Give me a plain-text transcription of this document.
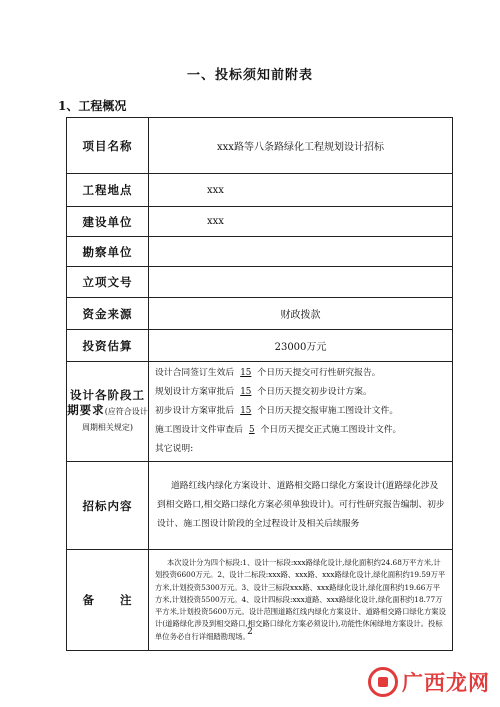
一、投标须知前附表
1、工程概况
项目名称	xxx路等八条路绿化工程规划设计招标
工程地点	xxx
建设单位	xxx
勘察单位	
立项文号	
资金来源	财政拨款
投资估算	23000万元
设计各阶段工期要求(应符合设计周期相关规定)	设计合同签订生效后 15 个日历天提交可行性研究报告。
规划设计方案审批后 15 个日历天提交初步设计方案。
初步设计方案审批后 15 个日历天提交报审施工图设计文件。
施工图设计文件审查后 5 个日历天提交正式施工图设计文件。
其它说明:

招标内容	道路红线内绿化方案设计、道路相交路口绿化方案设计(道路绿化涉及到相交路口,相交路口绿化方案必须单独设计)。可行性研究报告编制、初步设计、施工图设计阶段的全过程设计及相关后续服务
备　　注	本次设计分为四个标段:1、设计一标段:xxx路绿化设计,绿化面积约24.68万平方米,计划投资6600万元。2、设计二标段:xxx路、xxx路、xxx路绿化设计,绿化面积约19.59万平方米,计划投资5300万元。3、设计三标段xxx路、xxx路绿化设计,绿化面积约19.66万平方米,计划投资5500万元。4、设计四标段:xxx道路、xxx路绿化设计,绿化面积约18.77万平方米,计划投资5600万元。设计范围道路红线内绿化方案设计、道路相交路口绿化方案设计(道路绿化涉及到相交路口,相交路口绿化方案必须设计),功能性休闲绿地方案设计。投标单位务必自行详细踏勘现场。
2
广西龙网
